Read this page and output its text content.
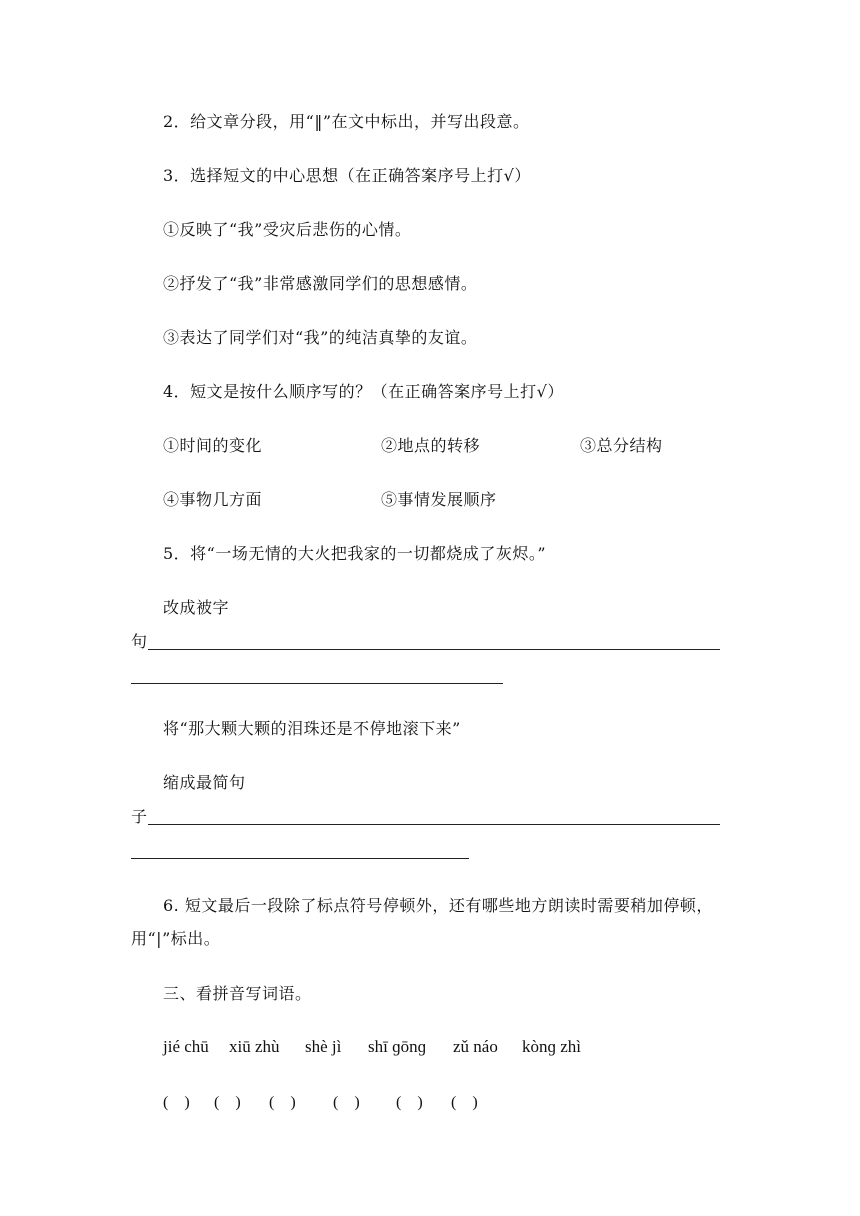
2．给文章分段，用“‖”在文中标出，并写出段意。
3．选择短文的中心思想（在正确答案序号上打√）
①反映了“我”受灾后悲伤的心情。
②抒发了“我”非常感激同学们的思想感情。
③表达了同学们对“我”的纯洁真挚的友谊。
4．短文是按什么顺序写的？（在正确答案序号上打√）
①时间的变化	②地点的转移	③总分结构
④事物几方面	⑤事情发展顺序
5．将“一场无情的大火把我家的一切都烧成了灰烬。”
改成被字
句
将“那大颗大颗的泪珠还是不停地滚下来”
缩成最简句
子
6. 短文最后一段除了标点符号停顿外，还有哪些地方朗读时需要稍加停顿，
用“|”标出。
三、看拼音写词语。
jié chū xiū zhù shè jì shī ɡōnɡ zǔ náo kònɡ zhì
(    ) (    ) (    ) (    ) (    ) (    )
